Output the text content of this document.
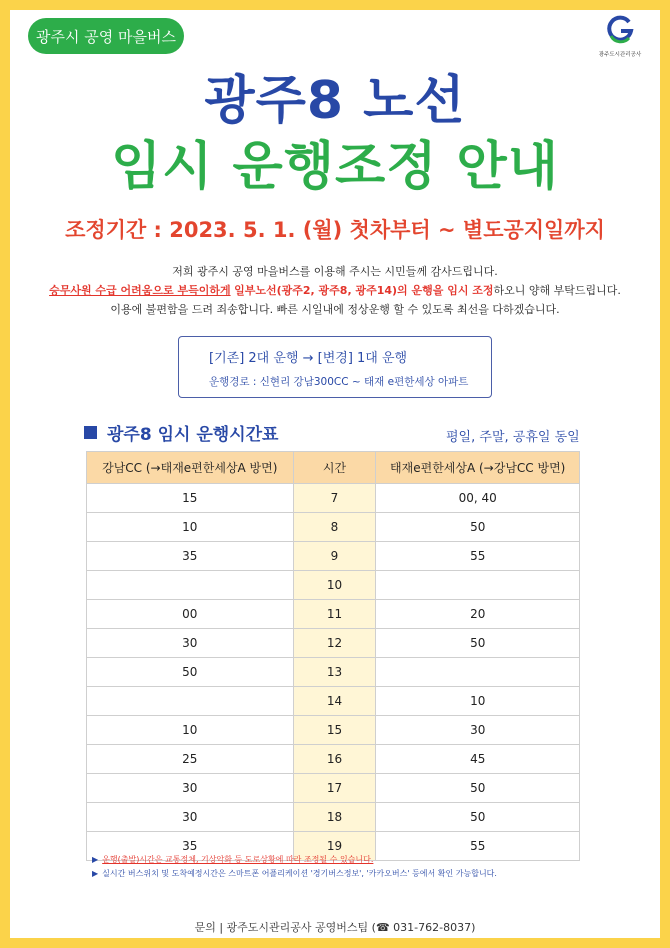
광주시 공영 마을버스
광주도시관리공사
광주8 노선
임시 운행조정 안내
조정기간 : 2023. 5. 1. (월) 첫차부터 ~ 별도공지일까지
저희 광주시 공영 마을버스를 이용해 주시는 시민들께 감사드립니다.
승무사원 수급 어려움으로 부득이하게 일부노선(광주2, 광주8, 광주14)의 운행을 임시 조정하오니 양해 부탁드립니다.
이용에 불편함을 드려 죄송합니다. 빠른 시일내에 정상운행 할 수 있도록 최선을 다하겠습니다.
[기존] 2대 운행 → [변경] 1대 운행
운행경로 : 신현리 강남300CC ~ 태재 e편한세상 아파트
광주8 임시 운행시간표	평일, 주말, 공휴일 동일
강남CC (→태재e편한세상A 방면)	시간	태재e편한세상A (→강남CC 방면)
15	7	00, 40
10	8	50
35	9	55
	10	
00	11	20
30	12	50
50	13	
	14	10
10	15	30
25	16	45
30	17	50
30	18	50
35	19	55
▶ 운행(출발)시간은 교통정체, 기상악화 등 도로상황에 따라 조정될 수 있습니다.
▶ 실시간 버스위치 및 도착예정시간은 스마트폰 어플리케이션 '경기버스정보', '카카오버스' 등에서 확인 가능합니다.
문의 | 광주도시관리공사 공영버스팀 (☎ 031-762-8037)
